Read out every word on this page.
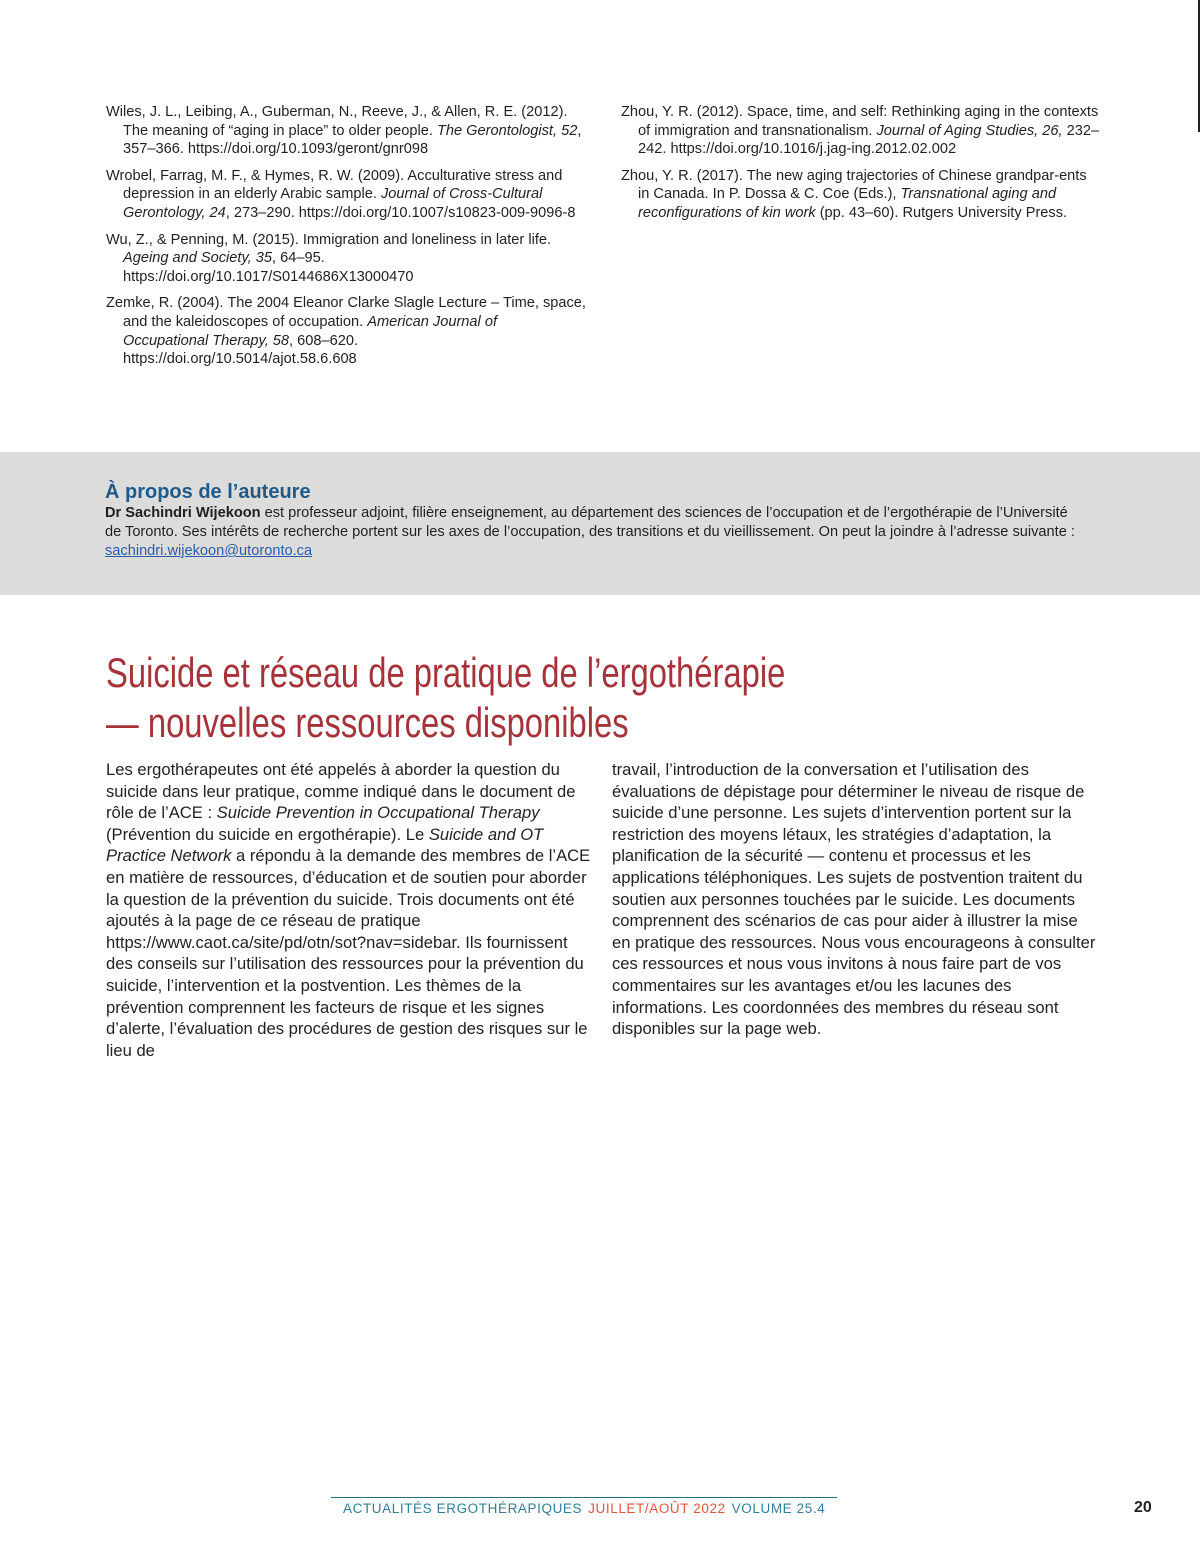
Wiles, J. L., Leibing, A., Guberman, N., Reeve, J., & Allen, R. E. (2012). The meaning of “aging in place” to older people. The Gerontologist, 52, 357–366. https://doi.org/10.1093/geront/gnr098

Wrobel, Farrag, M. F., & Hymes, R. W. (2009). Acculturative stress and depression in an elderly Arabic sample. Journal of Cross-Cultural Gerontology, 24, 273–290. https://doi.org/10.1007/s10823-009-9096-8

Wu, Z., & Penning, M. (2015). Immigration and loneliness in later life. Ageing and Society, 35, 64–95. https://doi.org/10.1017/S0144686X13000470

Zemke, R. (2004). The 2004 Eleanor Clarke Slagle Lecture – Time, space, and the kaleidoscopes of occupation. American Journal of Occupational Therapy, 58, 608–620. https://doi.org/10.5014/ajot.58.6.608

Zhou, Y. R. (2012). Space, time, and self: Rethinking aging in the contexts of immigration and transnationalism. Journal of Aging Studies, 26, 232–242. https://doi.org/10.1016/j.jag-ing.2012.02.002

Zhou, Y. R. (2017). The new aging trajectories of Chinese grandpar-ents in Canada. In P. Dossa & C. Coe (Eds.), Transnational aging and reconfigurations of kin work (pp. 43–60). Rutgers University Press.

À propos de l’auteure

Dr Sachindri Wijekoon est professeur adjoint, filière enseignement, au département des sciences de l’occupation et de l’ergothérapie de l’Université de Toronto. Ses intérêts de recherche portent sur les axes de l’occupation, des transitions et du vieillissement. On peut la joindre à l’adresse suivante : sachindri.wijekoon@utoronto.ca

Suicide et réseau de pratique de l’ergothérapie — nouvelles ressources disponibles

Les ergothérapeutes ont été appelés à aborder la question du suicide dans leur pratique, comme indiqué dans le document de rôle de l’ACE : Suicide Prevention in Occupational Therapy (Prévention du suicide en ergothérapie). Le Suicide and OT Practice Network a répondu à la demande des membres de l’ACE en matière de ressources, d’éducation et de soutien pour aborder la question de la prévention du suicide. Trois documents ont été ajoutés à la page de ce réseau de pratique https://www.caot.ca/site/pd/otn/sot?nav=sidebar. Ils fournissent des conseils sur l’utilisation des ressources pour la prévention du suicide, l’intervention et la postvention. Les thèmes de la prévention comprennent les facteurs de risque et les signes d’alerte, l’évaluation des procédures de gestion des risques sur le lieu de

travail, l’introduction de la conversation et l’utilisation des évaluations de dépistage pour déterminer le niveau de risque de suicide d’une personne. Les sujets d’intervention portent sur la restriction des moyens létaux, les stratégies d’adaptation, la planification de la sécurité — contenu et processus et les applications téléphoniques. Les sujets de postvention traitent du soutien aux personnes touchées par le suicide. Les documents comprennent des scénarios de cas pour aider à illustrer la mise en pratique des ressources. Nous vous encourageons à consulter ces ressources et nous vous invitons à nous faire part de vos commentaires sur les avantages et/ou les lacunes des informations. Les coordonnées des membres du réseau sont disponibles sur la page web.

ACTUALITÉS ERGOTHÉRAPIQUES JUILLET/AOÛT 2022 VOLUME 25.4	20
